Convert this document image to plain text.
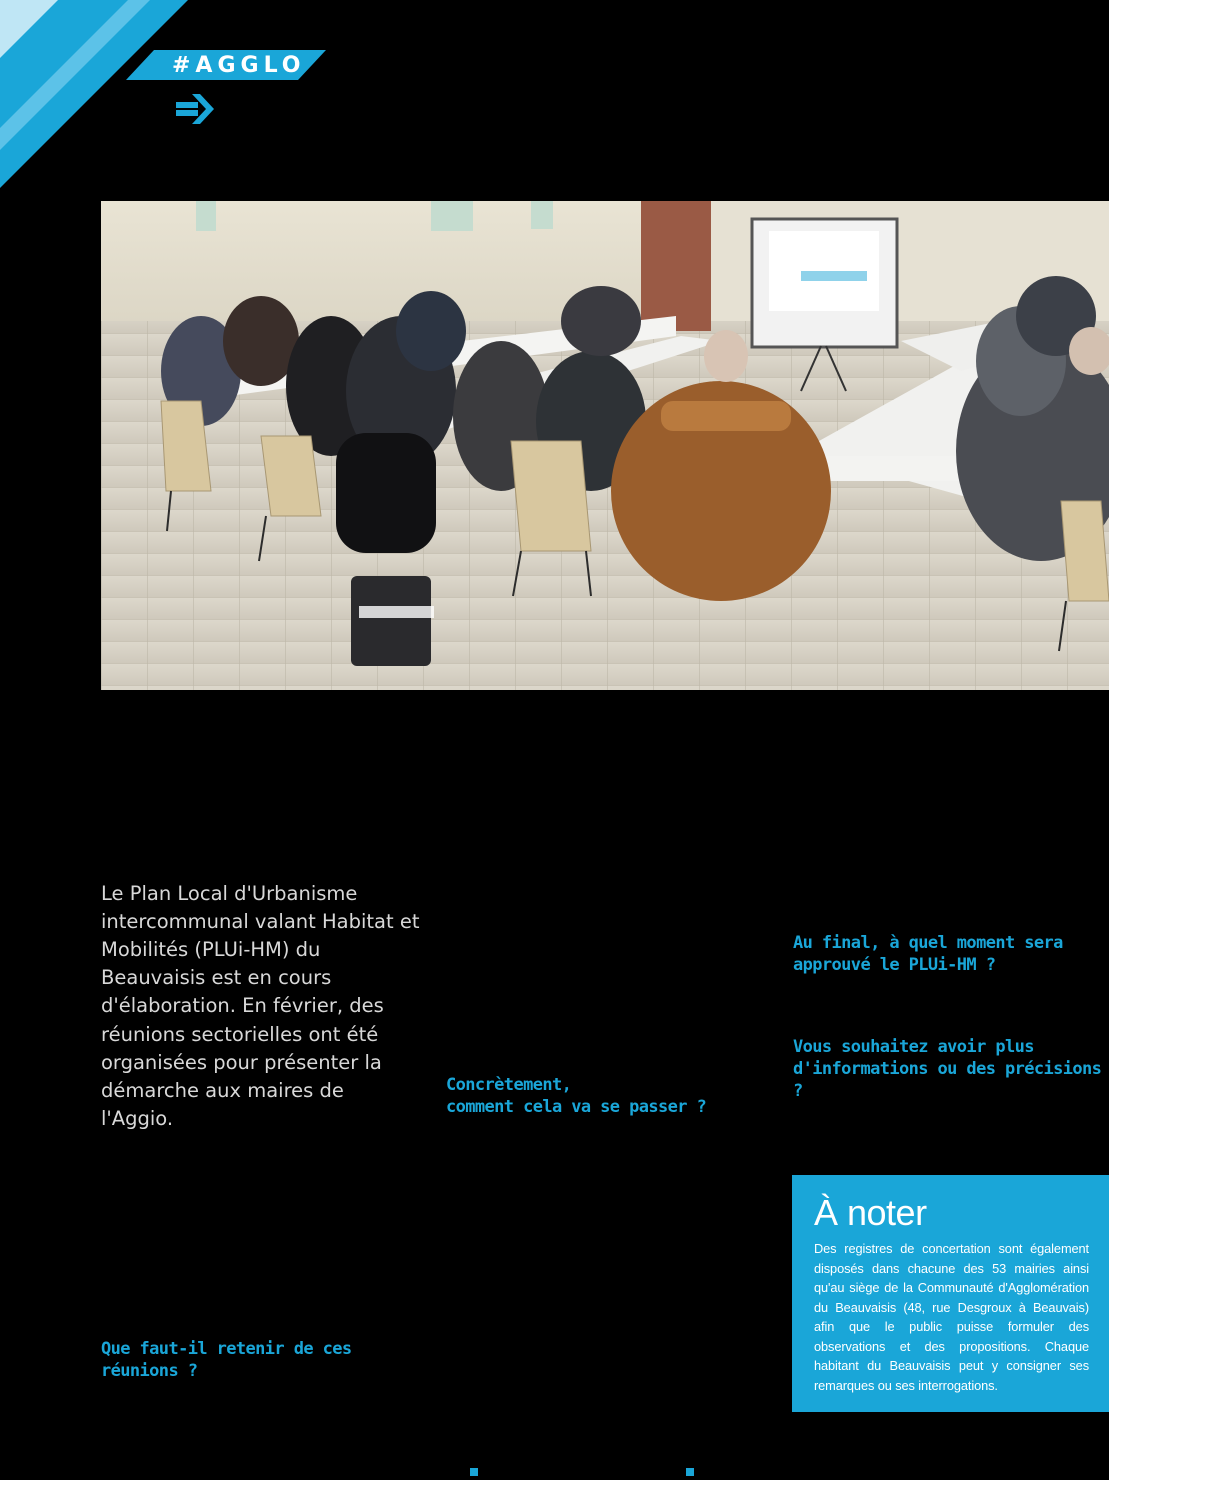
#AGGLO

Le Plan Local d'Urbanisme intercommunal valant Habitat et Mobilités (PLUi-HM) du Beauvaisis est en cours d'élaboration. En février, des réunions sectorielles ont été organisées pour présenter la démarche aux maires de l'Aggio.

Concrètement,
comment cela va se passer ?

Que faut-il retenir de ces réunions ?

Au final, à quel moment sera approuvé le PLUi-HM ?

Vous souhaitez avoir plus d'informations ou des précisions ?

À noter

Des registres de concertation sont également disposés dans chacune des 53 mairies ainsi qu'au siège de la Communauté d'Agglomération du Beauvaisis (48, rue Desgroux à Beauvais) afin que le public puisse formuler des observations et des propositions. Chaque habitant du Beauvaisis peut y consigner ses remarques ou ses interrogations.
